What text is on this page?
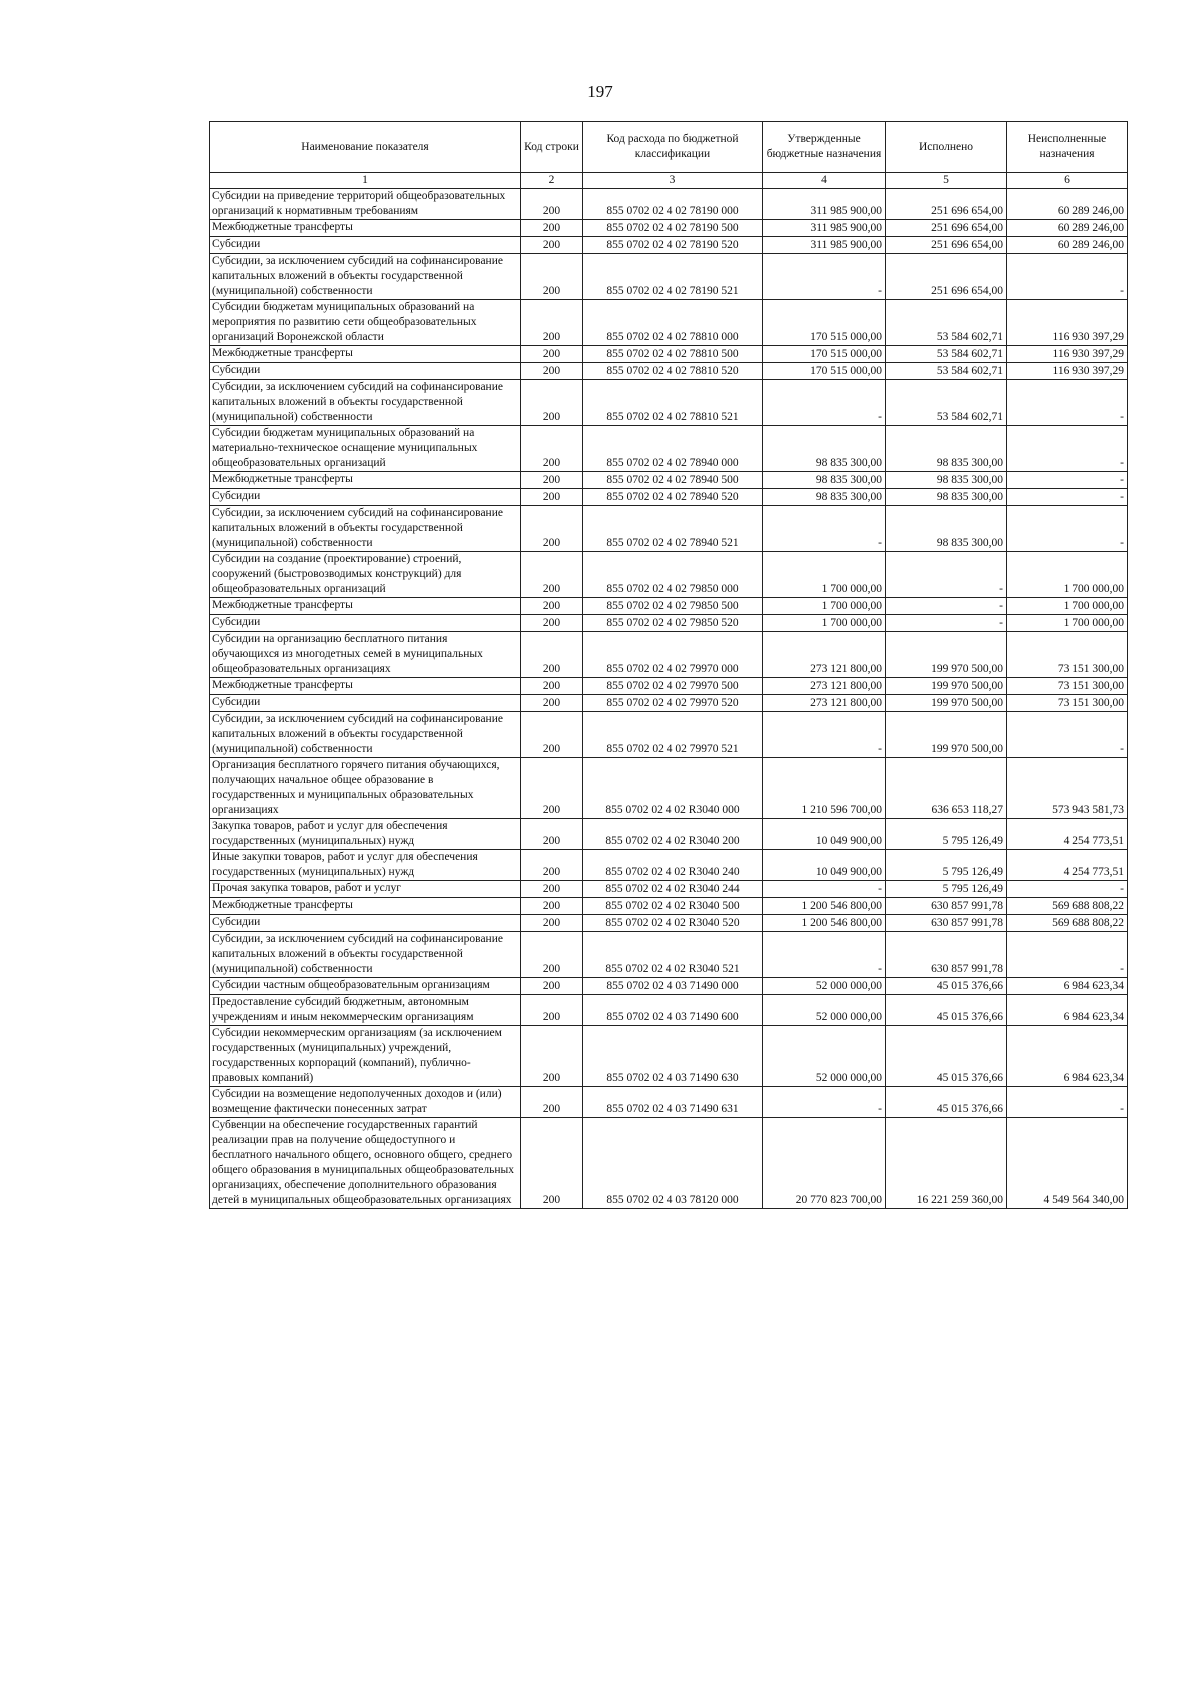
197
Наименование показателя	Код строки	Код расхода по бюджетной классификации	Утвержденные бюджетные назначения	Исполнено	Неисполненные назначения
1	2	3	4	5	6
Субсидии на приведение территорий общеобразовательных организаций к нормативным требованиям	200	855 0702 02 4 02 78190 000	311 985 900,00	251 696 654,00	60 289 246,00
Межбюджетные трансферты	200	855 0702 02 4 02 78190 500	311 985 900,00	251 696 654,00	60 289 246,00
Субсидии	200	855 0702 02 4 02 78190 520	311 985 900,00	251 696 654,00	60 289 246,00
Субсидии, за исключением субсидий на софинансирование капитальных вложений в объекты государственной (муниципальной) собственности	200	855 0702 02 4 02 78190 521	-	251 696 654,00	-
Субсидии бюджетам муниципальных образований на мероприятия по развитию сети общеобразовательных организаций Воронежской области	200	855 0702 02 4 02 78810 000	170 515 000,00	53 584 602,71	116 930 397,29
Межбюджетные трансферты	200	855 0702 02 4 02 78810 500	170 515 000,00	53 584 602,71	116 930 397,29
Субсидии	200	855 0702 02 4 02 78810 520	170 515 000,00	53 584 602,71	116 930 397,29
Субсидии, за исключением субсидий на софинансирование капитальных вложений в объекты государственной (муниципальной) собственности	200	855 0702 02 4 02 78810 521	-	53 584 602,71	-
Субсидии бюджетам муниципальных образований на материально-техническое оснащение муниципальных общеобразовательных организаций	200	855 0702 02 4 02 78940 000	98 835 300,00	98 835 300,00	-
Межбюджетные трансферты	200	855 0702 02 4 02 78940 500	98 835 300,00	98 835 300,00	-
Субсидии	200	855 0702 02 4 02 78940 520	98 835 300,00	98 835 300,00	-
Субсидии, за исключением субсидий на софинансирование капитальных вложений в объекты государственной (муниципальной) собственности	200	855 0702 02 4 02 78940 521	-	98 835 300,00	-
Субсидии на создание (проектирование) строений, сооружений (быстровозводимых конструкций) для общеобразовательных организаций	200	855 0702 02 4 02 79850 000	1 700 000,00	-	1 700 000,00
Межбюджетные трансферты	200	855 0702 02 4 02 79850 500	1 700 000,00	-	1 700 000,00
Субсидии	200	855 0702 02 4 02 79850 520	1 700 000,00	-	1 700 000,00
Субсидии на организацию бесплатного питания обучающихся из многодетных семей в муниципальных общеобразовательных организациях	200	855 0702 02 4 02 79970 000	273 121 800,00	199 970 500,00	73 151 300,00
Межбюджетные трансферты	200	855 0702 02 4 02 79970 500	273 121 800,00	199 970 500,00	73 151 300,00
Субсидии	200	855 0702 02 4 02 79970 520	273 121 800,00	199 970 500,00	73 151 300,00
Субсидии, за исключением субсидий на софинансирование капитальных вложений в объекты государственной (муниципальной) собственности	200	855 0702 02 4 02 79970 521	-	199 970 500,00	-
Организация бесплатного горячего питания обучающихся, получающих начальное общее образование в государственных и муниципальных образовательных организациях	200	855 0702 02 4 02 R3040 000	1 210 596 700,00	636 653 118,27	573 943 581,73
Закупка товаров, работ и услуг для обеспечения государственных (муниципальных) нужд	200	855 0702 02 4 02 R3040 200	10 049 900,00	5 795 126,49	4 254 773,51
Иные закупки товаров, работ и услуг для обеспечения государственных (муниципальных) нужд	200	855 0702 02 4 02 R3040 240	10 049 900,00	5 795 126,49	4 254 773,51
Прочая закупка товаров, работ и услуг	200	855 0702 02 4 02 R3040 244	-	5 795 126,49	-
Межбюджетные трансферты	200	855 0702 02 4 02 R3040 500	1 200 546 800,00	630 857 991,78	569 688 808,22
Субсидии	200	855 0702 02 4 02 R3040 520	1 200 546 800,00	630 857 991,78	569 688 808,22
Субсидии, за исключением субсидий на софинансирование капитальных вложений в объекты государственной (муниципальной) собственности	200	855 0702 02 4 02 R3040 521	-	630 857 991,78	-
Субсидии частным общеобразовательным организациям	200	855 0702 02 4 03 71490 000	52 000 000,00	45 015 376,66	6 984 623,34
Предоставление субсидий бюджетным, автономным учреждениям и иным некоммерческим организациям	200	855 0702 02 4 03 71490 600	52 000 000,00	45 015 376,66	6 984 623,34
Субсидии некоммерческим организациям (за исключением государственных (муниципальных) учреждений, государственных корпораций (компаний), публично-правовых компаний)	200	855 0702 02 4 03 71490 630	52 000 000,00	45 015 376,66	6 984 623,34
Субсидии на возмещение недополученных доходов и (или) возмещение фактически понесенных затрат	200	855 0702 02 4 03 71490 631	-	45 015 376,66	-
Субвенции на обеспечение государственных гарантий реализации прав на получение общедоступного и бесплатного начального общего, основного общего, среднего общего образования в муниципальных общеобразовательных организациях, обеспечение дополнительного образования детей в муниципальных общеобразовательных организациях	200	855 0702 02 4 03 78120 000	20 770 823 700,00	16 221 259 360,00	4 549 564 340,00
